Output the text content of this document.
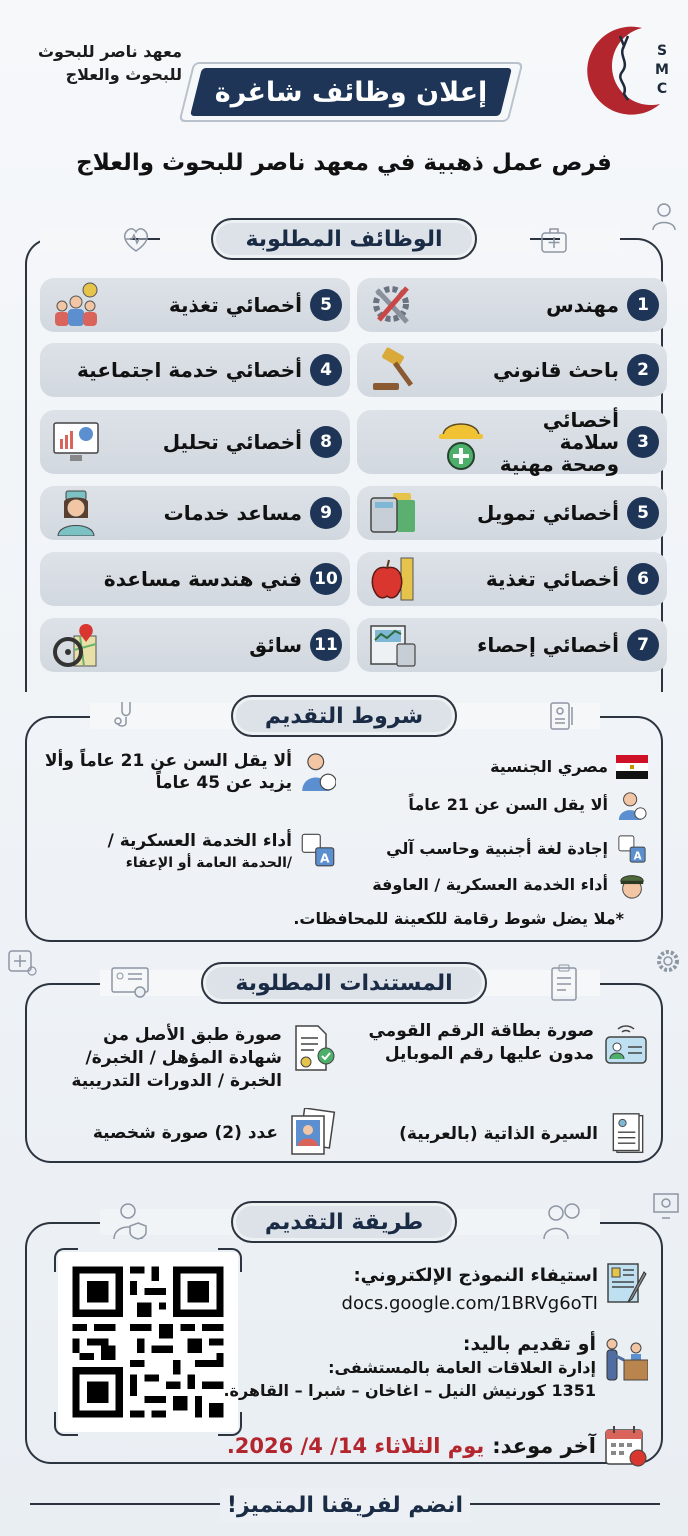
معهد ناصر للبحوث
للبحوث والعلاج
S
M
C
إعلان وظائف شاغرة
فرص عمل ذهبية في معهد ناصر للبحوث والعلاج
الوظائف المطلوبة
1
مهندس
2
باحث قانوني
3
أخصائي سلامة وصحة مهنية
5
أخصائي تمويل
6
أخصائي تغذية
7
أخصائي إحصاء
5
أخصائي تغذية
4
أخصائي خدمة اجتماعية
8
أخصائي تحليل
9
مساعد خدمات
10
فني هندسة مساعدة
11
سائق
شروط التقديم
مصري الجنسية
ألا يقل السن عن 21 عاماً
A
إجادة لغة أجنبية وحاسب آلي
أداء الخدمة العسكرية / العاوفة
ألا يقل السن عن 21 عاماً وألا
يزيد عن 45 عاماً
A
أداء الخدمة العسكرية /
/الحدمة العامة أو الإعفاء
*ملا يضل شوط رقامة للكعينة للمحافظات.
المستندات المطلوبة
صورة بطاقة الرقم القومي
مدون عليها رقم الموبايل
صورة طبق الأصل من
شهادة المؤهل / الخبرة/
الخبرة / الدورات التدريبية
السيرة الذاتية (بالعربية)
عدد (2) صورة شخصية
طريقة التقديم
استيفاء النموذج الإلكتروني:
docs.google.com/1BRVg6oTI
أو تقديم باليد:
إدارة العلاقات العامة بالمستشفى:
1351 كورنيش النيل – اغاخان – شبرا – القاهرة.
آخر موعد:
يوم الثلاثاء 14/ 4/ 2026.
انضم لفريقنا المتميز!
